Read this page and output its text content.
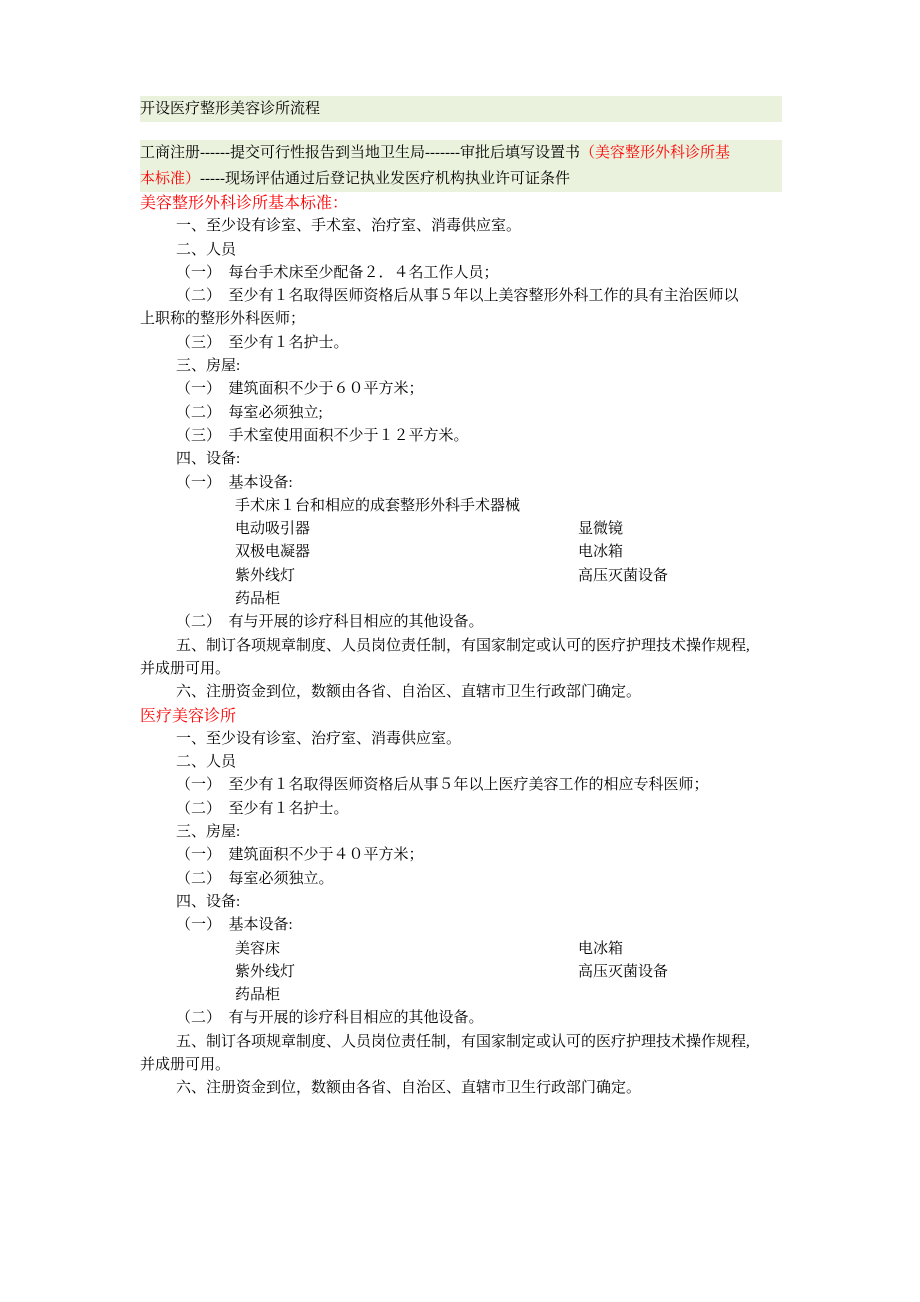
开设医疗整形美容诊所流程

工商注册------提交可行性报告到当地卫生局-------审批后填写设置书（美容整形外科诊所基
本标准）-----现场评估通过后登记执业发医疗机构执业许可证条件

美容整形外科诊所基本标准：

一、至少设有诊室、手术室、治疗室、消毒供应室。

二、人员

（一）　每台手术床至少配备２．４名工作人员；

（二）　至少有１名取得医师资格后从事５年以上美容整形外科工作的具有主治医师以

上职称的整形外科医师；

（三）　至少有１名护士。

三、房屋:

（一）　建筑面积不少于６０平方米；

（二）　每室必须独立;

（三）　手术室使用面积不少于１２平方米。

四、设备:

（一）　基本设备:

手术床１台和相应的成套整形外科手术器械

电动吸引器	显微镜

双极电凝器	电冰箱

紫外线灯	高压灭菌设备

药品柜

（二）　有与开展的诊疗科目相应的其他设备。

五、制订各项规章制度、人员岗位责任制，有国家制定或认可的医疗护理技术操作规程,

并成册可用。

六、注册资金到位，数额由各省、自治区、直辖市卫生行政部门确定。

医疗美容诊所

一、至少设有诊室、治疗室、消毒供应室。

二、人员

（一）　至少有１名取得医师资格后从事５年以上医疗美容工作的相应专科医师；

（二）　至少有１名护士。

三、房屋:

（一）　建筑面积不少于４０平方米；

（二）　每室必须独立。

四、设备:

（一）　基本设备:

美容床	电冰箱

紫外线灯	高压灭菌设备

药品柜

（二）　有与开展的诊疗科目相应的其他设备。

五、制订各项规章制度、人员岗位责任制，有国家制定或认可的医疗护理技术操作规程,

并成册可用。

六、注册资金到位，数额由各省、自治区、直辖市卫生行政部门确定。
